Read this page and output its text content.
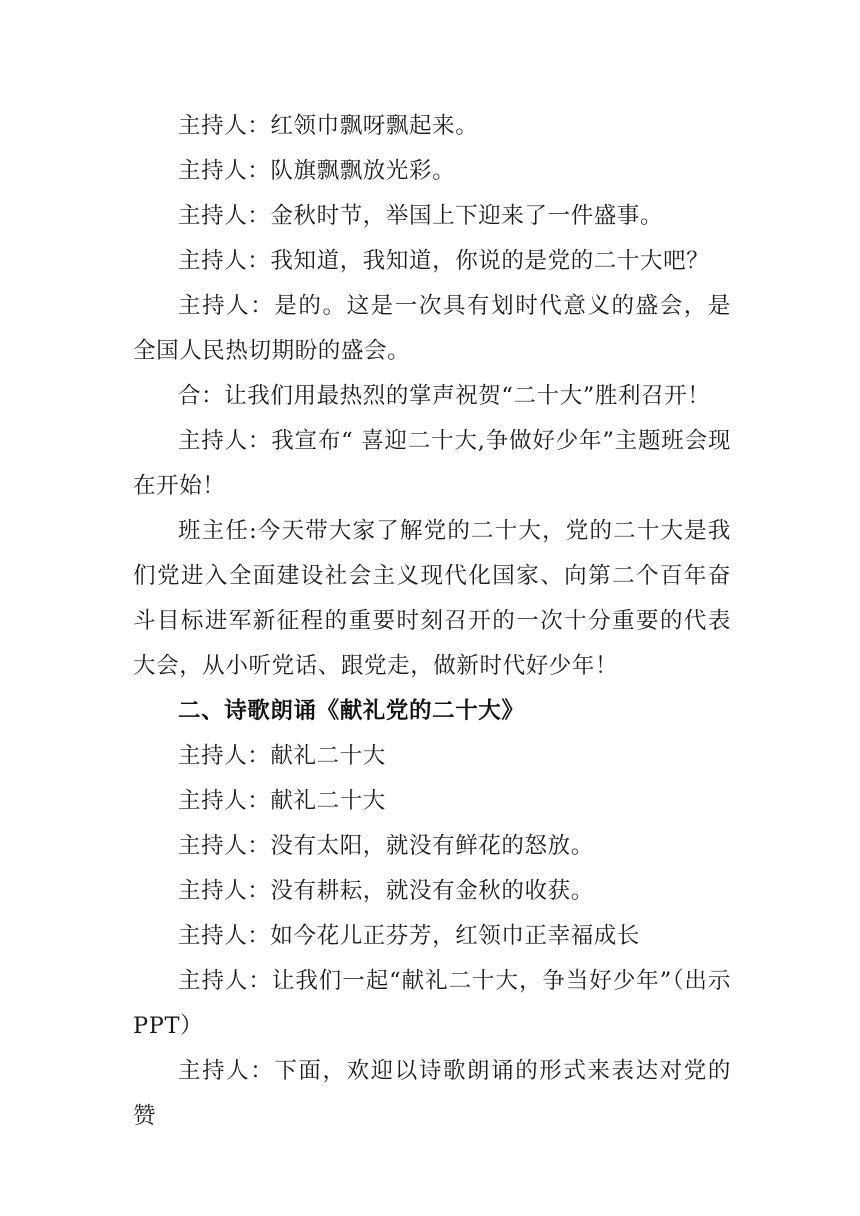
主持人：红领巾飘呀飘起来。

主持人：队旗飘飘放光彩。

主持人：金秋时节，举国上下迎来了一件盛事。

主持人：我知道，我知道，你说的是党的二十大吧？

主持人：是的。这是一次具有划时代意义的盛会，是全国人民热切期盼的盛会。

合：让我们用最热烈的掌声祝贺“二十大”胜利召开！

主持人：我宣布“ 喜迎二十大,争做好少年”主题班会现在开始！

班主任:今天带大家了解党的二十大，党的二十大是我们党进入全面建设社会主义现代化国家、向第二个百年奋斗目标进军新征程的重要时刻召开的一次十分重要的代表大会，从小听党话、跟党走，做新时代好少年！

二、诗歌朗诵《献礼党的二十大》

主持人：献礼二十大

主持人：献礼二十大

主持人：没有太阳，就没有鲜花的怒放。

主持人：没有耕耘，就没有金秋的收获。

主持人：如今花儿正芬芳，红领巾正幸福成长

主持人：让我们一起“献礼二十大，争当好少年”（出示 PPT）

主持人：下面，欢迎以诗歌朗诵的形式来表达对党的赞
